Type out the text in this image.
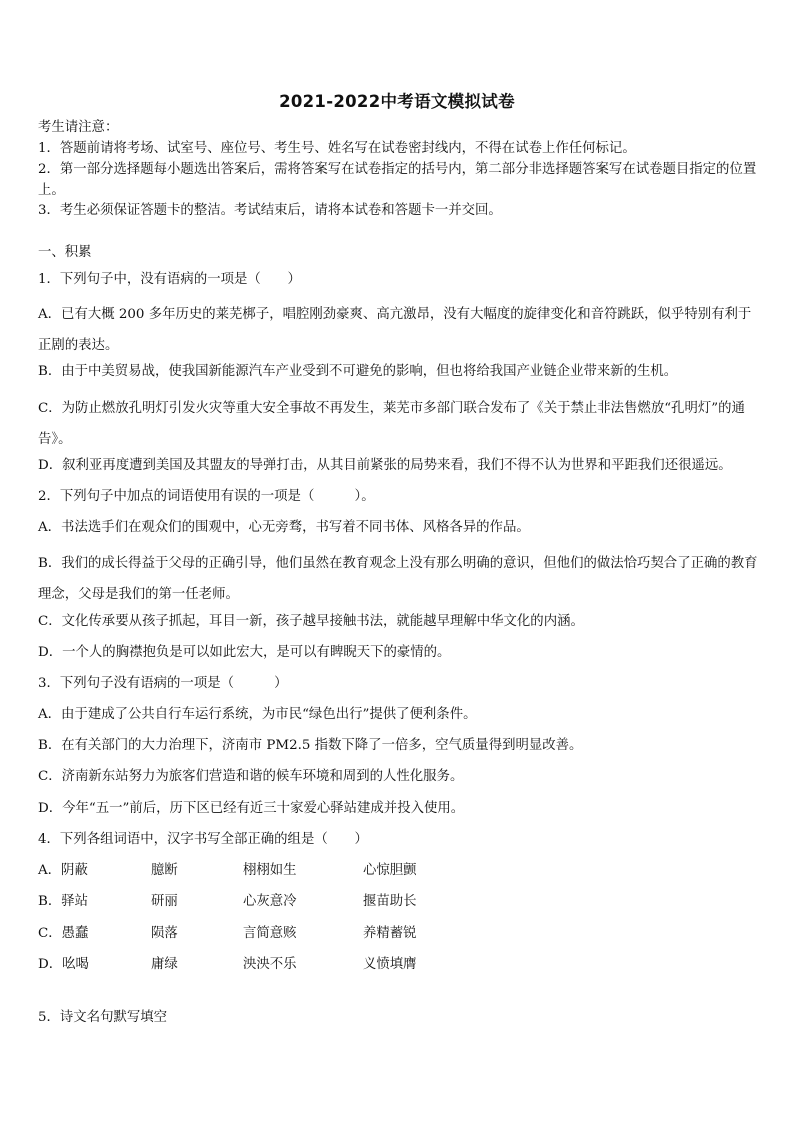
2021-2022中考语文模拟试卷
考生请注意：
1．答题前请将考场、试室号、座位号、考生号、姓名写在试卷密封线内，不得在试卷上作任何标记。
2．第一部分选择题每小题选出答案后，需将答案写在试卷指定的括号内，第二部分非选择题答案写在试卷题目指定的位置上。
3．考生必须保证答题卡的整洁。考试结束后，请将本试卷和答题卡一并交回。
一、积累
1．下列句子中，没有语病的一项是（　　）
A．已有大概 200 多年历史的莱芜梆子，唱腔刚劲豪爽、高亢激昂，没有大幅度的旋律变化和音符跳跃，似乎特别有利于正剧的表达。
B．由于中美贸易战，使我国新能源汽车产业受到不可避免的影响，但也将给我国产业链企业带来新的生机。
C．为防止燃放孔明灯引发火灾等重大安全事故不再发生，莱芜市多部门联合发布了《关于禁止非法售燃放“孔明灯”的通告》。
D．叙利亚再度遭到美国及其盟友的导弹打击，从其目前紧张的局势来看，我们不得不认为世界和平距我们还很遥远。
2．下列句子中加点的词语使用有误的一项是（　　　）。
A．书法选手们在观众们的围观中，心无旁骛，书写着不同书体、风格各异的作品。
B．我们的成长得益于父母的正确引导，他们虽然在教育观念上没有那么明确的意识，但他们的做法恰巧契合了正确的教育理念，父母是我们的第一任老师。
C．文化传承要从孩子抓起，耳目一新，孩子越早接触书法，就能越早理解中华文化的内涵。
D．一个人的胸襟抱负是可以如此宏大，是可以有睥睨天下的豪情的。
3．下列句子没有语病的一项是（　　　）
A．由于建成了公共自行车运行系统，为市民“绿色出行”提供了便利条件。
B．在有关部门的大力治理下，济南市 PM2.5 指数下降了一倍多，空气质量得到明显改善。
C．济南新东站努力为旅客们营造和谐的候车环境和周到的人性化服务。
D．今年“五一”前后，历下区已经有近三十家爱心驿站建成并投入使用。
4．下列各组词语中，汉字书写全部正确的组是（　　）
A．阴蔽	臆断	栩栩如生	心惊胆颤
B．驿站	研丽	心灰意冷	揠苗助长
C．愚蠢	陨落	言简意赅	养精蓄锐
D．吆喝	庸绿	泱泱不乐	义愤填膺
5．诗文名句默写填空
